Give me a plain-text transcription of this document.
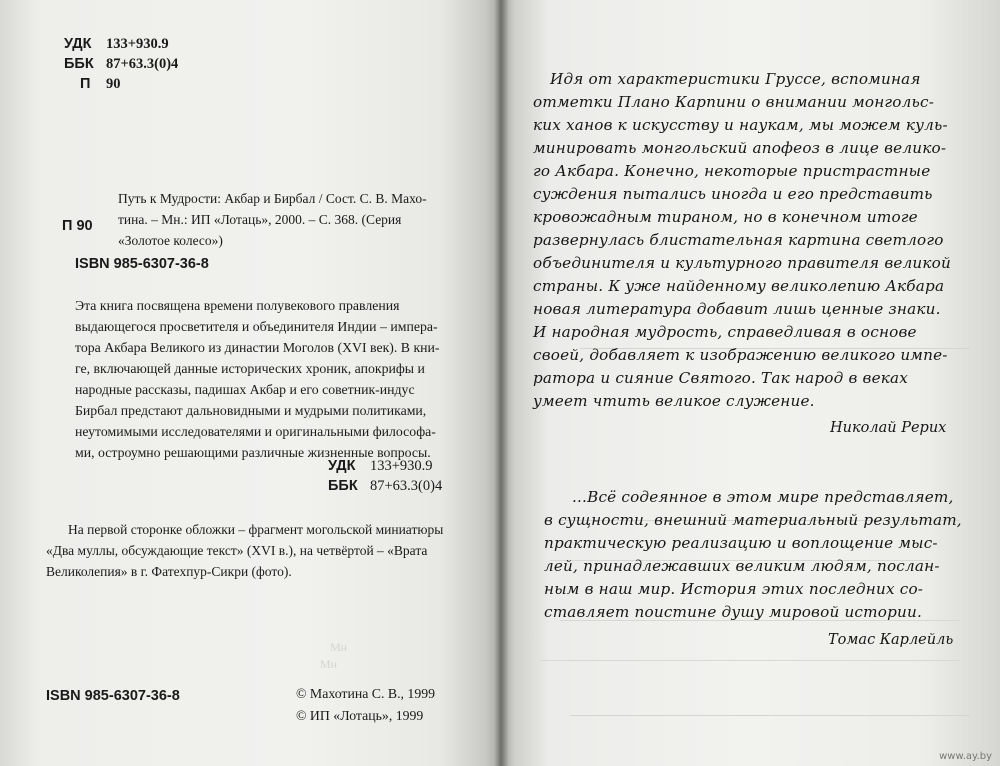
УДК 133+930.9
ББК 87+63.3(0)4
П 90
П 90
Путь к Мудрости: Акбар и Бирбал / Сост. С. В. Махо-
тина. – Мн.: ИП «Лотаць», 2000. – С. 368. (Серия
«Золотое колесо»)
ISBN 985-6307-36-8
Эта книга посвящена времени полувекового правления
выдающегося просветителя и объединителя Индии – импера-
тора Акбара Великого из династии Моголов (XVI век). В кни-
ге, включающей данные исторических хроник, апокрифы и
народные рассказы, падишах Акбар и его советник-индус
Бирбал предстают дальновидными и мудрыми политиками,
неутомимыми исследователями и оригинальными философа-
ми, остроумно решающими различные жизненные вопросы.
УДК 133+930.9
ББК 87+63.3(0)4
На первой сторонке обложки – фрагмент могольской миниатюры
«Два муллы, обсуждающие текст» (XVI в.), на четвёртой – «Врата
Великолепия» в г. Фатехпур-Сикри (фото).
Мн
Мн
ISBN 985-6307-36-8	© Махотина С. В., 1999
© ИП «Лотаць», 1999
Идя от характеристики Груссе, вспоминая
отметки Плано Карпини о внимании монгольс-
ких ханов к искусству и наукам, мы можем куль-
минировать монгольский апофеоз в лице велико-
го Акбара. Конечно, некоторые пристрастные
суждения пытались иногда и его представить
кровожадным тираном, но в конечном итоге
развернулась блистательная картина светлого
объединителя и культурного правителя великой
страны. К уже найденному великолепию Акбара
новая литература добавит лишь ценные знаки.
И народная мудрость, справедливая в основе
своей, добавляет к изображению великого импе-
ратора и сияние Святого. Так народ в веках
умеет чтить великое служение.
Николай Рерих
...Всё содеянное в этом мире представляет,
в сущности, внешний материальный результат,
практическую реализацию и воплощение мыс-
лей, принадлежавших великим людям, послан-
ным в наш мир. История этих последних со-
ставляет поистине душу мировой истории.
Томас Карлейль
www.ay.by
